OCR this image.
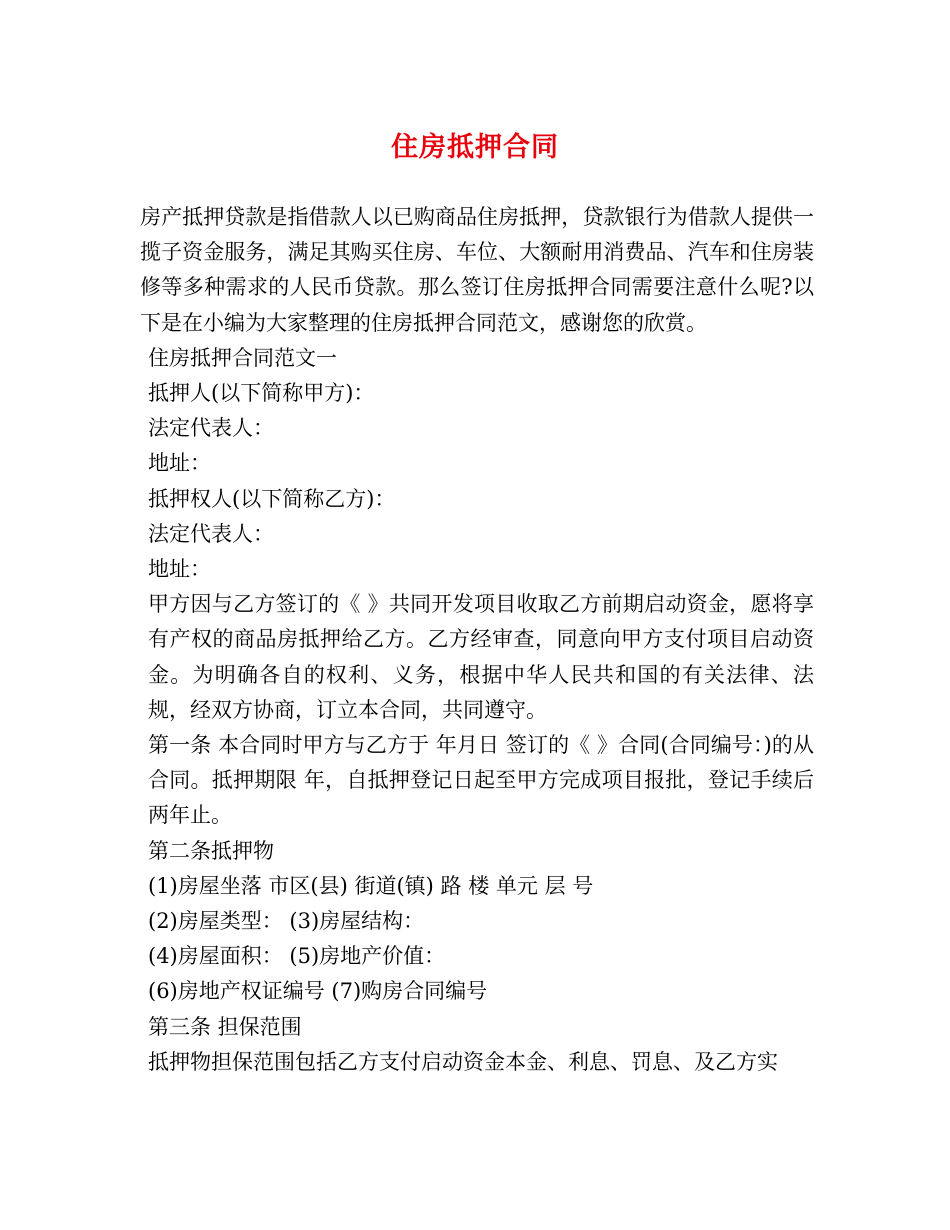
住房抵押合同

房产抵押贷款是指借款人以已购商品住房抵押，贷款银行为借款人提供一揽子资金服务，满足其购买住房、车位、大额耐用消费品、汽车和住房装修等多种需求的人民币贷款。那么签订住房抵押合同需要注意什么呢?以下是在小编为大家整理的住房抵押合同范文，感谢您的欣赏。

住房抵押合同范文一

抵押人(以下简称甲方)：

法定代表人：

地址：

抵押权人(以下简称乙方)：

法定代表人：

地址：

甲方因与乙方签订的《 》共同开发项目收取乙方前期启动资金，愿将享有产权的商品房抵押给乙方。乙方经审查，同意向甲方支付项目启动资金。为明确各自的权利、义务，根据中华人民共和国的有关法律、法规，经双方协商，订立本合同，共同遵守。

第一条 本合同时甲方与乙方于 年月日 签订的《 》合同(合同编号：)的从合同。抵押期限 年，自抵押登记日起至甲方完成项目报批，登记手续后两年止。

第二条抵押物

(1)房屋坐落 市区(县) 街道(镇) 路 楼 单元 层 号

(2)房屋类型： (3)房屋结构：

(4)房屋面积： (5)房地产价值：

(6)房地产权证编号 (7)购房合同编号

第三条 担保范围

抵押物担保范围包括乙方支付启动资金本金、利息、罚息、及乙方实
